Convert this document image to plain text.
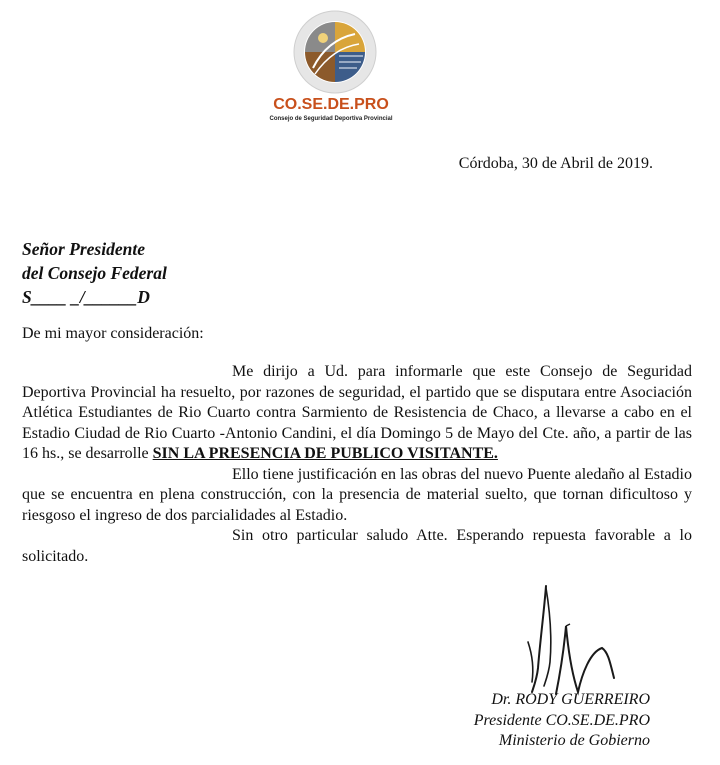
CO.SE.DE.PRO
Consejo de Seguridad Deportiva Provincial
Córdoba, 30 de Abril de 2019.
Señor Presidente
del Consejo Federal
S____ _/______D
De mi mayor consideración:

Me dirijo a Ud. para informarle que este Consejo de Seguridad Deportiva Provincial ha resuelto, por razones de seguridad, el partido que se disputara entre Asociación Atlética Estudiantes de Rio Cuarto contra Sarmiento de Resistencia de Chaco, a llevarse a cabo en el Estadio Ciudad de Rio Cuarto -Antonio Candini, el día Domingo 5 de Mayo del Cte. año, a partir de las 16 hs., se desarrolle SIN LA PRESENCIA DE PUBLICO VISITANTE.

Ello tiene justificación en las obras del nuevo Puente aledaño al Estadio que se encuentra en plena construcción, con la presencia de material suelto, que tornan dificultoso y riesgoso el ingreso de dos parcialidades al Estadio.

Sin otro particular saludo Atte. Esperando repuesta favorable a lo solicitado.

Dr. RODY GUERREIRO
Presidente CO.SE.DE.PRO
Ministerio de Gobierno
